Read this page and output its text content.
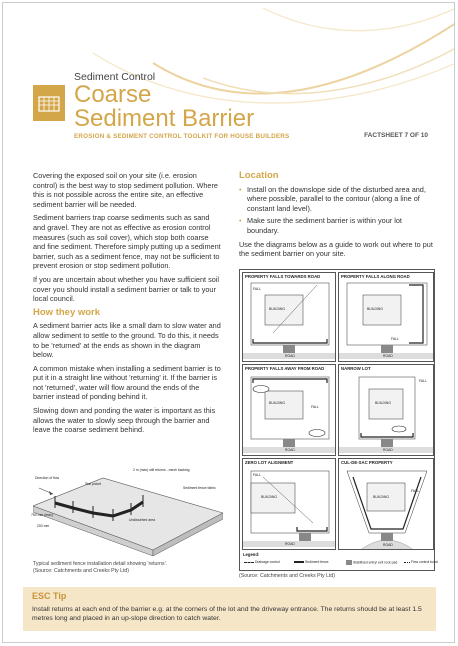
Sediment Control
Coarse
Sediment Barrier
EROSION & SEDIMENT CONTROL TOOLKIT FOR HOUSE BUILDERS	FACTSHEET 7 OF 10

Covering the exposed soil on your site (i.e. erosion control) is the best way to stop sediment pollution. Where this is not possible across the entire site, an effective sediment barrier will be needed.

Sediment barriers trap coarse sediments such as sand and gravel. They are not as effective as erosion control measures (such as soil cover), which stop both coarse and fine sediment. Therefore simply putting up a sediment barrier, such as a sediment fence, may not be sufficient to prevent erosion or stop sediment pollution.

If you are uncertain about whether you have sufficient soil cover you should install a sediment barrier or talk to your local council.

How they work

A sediment barrier acts like a small dam to slow water and allow sediment to settle to the ground. To do this, it needs to be 'returned' at the ends as shown in the diagram below.

A common mistake when installing a sediment barrier is to put it in a straight line without 'returning' it. If the barrier is not 'returned', water will flow around the ends of the barrier instead of ponding behind it.

Slowing down and ponding the water is important as this allows the water to slowly seep through the barrier and leave the coarse sediment behind.

Direction of flow
Star picket
2 m (max) still returns - mesh backing
Sediment fence fabric
Undisturbed area
750 mm (max)
200 mm
Typical sediment fence installation detail showing 'returns'.
(Source: Catchments and Creeks Pty Ltd)
Location
• Install on the downslope side of the disturbed area and, where possible, parallel to the contour (along a line of constant land level).
• Make sure the sediment barrier is within your lot boundary.

Use the diagrams below as a guide to work out where to put the sediment barrier on your site.

PROPERTY FALLS TOWARDS ROAD
BUILDING
FALL
ROAD
PROPERTY FALLS ALONG ROAD
BUILDING
FALL
ROAD
PROPERTY FALLS AWAY FROM ROAD
BUILDING
FALL
ROAD
NARROW LOT
BUILDING
FALL
ROAD
ZERO LOT ALIGNMENT
BUILDING
FALL
ROAD
CUL-DE-SAC PROPERTY
BUILDING
FALL
ROAD
Legend:
Drainage control	Sediment fence	Stabilised entry/ exit rock pad	Flow control bund
(Source: Catchments and Creeks Pty Ltd)
ESC Tip

Install returns at each end of the barrier e.g. at the corners of the lot and the driveway entrance. The returns should be at least 1.5 metres long and placed in an up-slope direction to catch water.
